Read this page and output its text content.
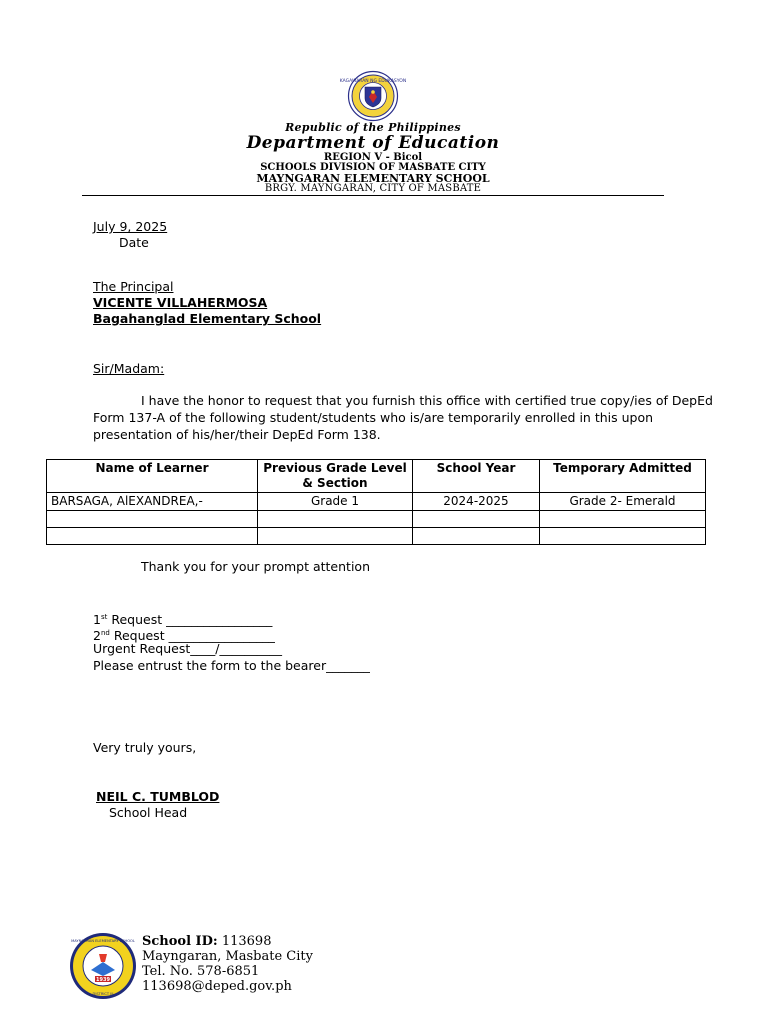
KAGAWARAN NG EDUKASYON
Republic of the Philippines
Department of Education
REGION V - Bicol
SCHOOLS DIVISION OF MASBATE CITY
MAYNGARAN ELEMENTARY SCHOOL
BRGY. MAYNGARAN, CITY OF MASBATE
July 9, 2025
Date
The Principal
VICENTE VILLAHERMOSA
Bagahanglad Elementary School
Sir/Madam:
I have the honor to request that you furnish this office with certified true copy/ies of DepEd
Form 137-A of the following student/students who is/are temporarily enrolled in this upon
presentation of his/her/their DepEd Form 138.
Name of Learner	Previous Grade Level & Section	School Year	Temporary Admitted
BARSAGA, AlEXANDREA,-	Grade 1	2024-2025	Grade 2- Emerald

Thank you for your prompt attention
1st Request _________________
2nd Request _________________
Urgent Request____/__________
Please entrust the form to the bearer_______
Very truly yours,
NEIL C. TUMBLOD
School Head
1939
MAYNGARAN ELEMENTARY SCHOOL
DISTRICT III
School ID: 113698
Mayngaran, Masbate City
Tel. No. 578-6851
113698@deped.gov.ph
